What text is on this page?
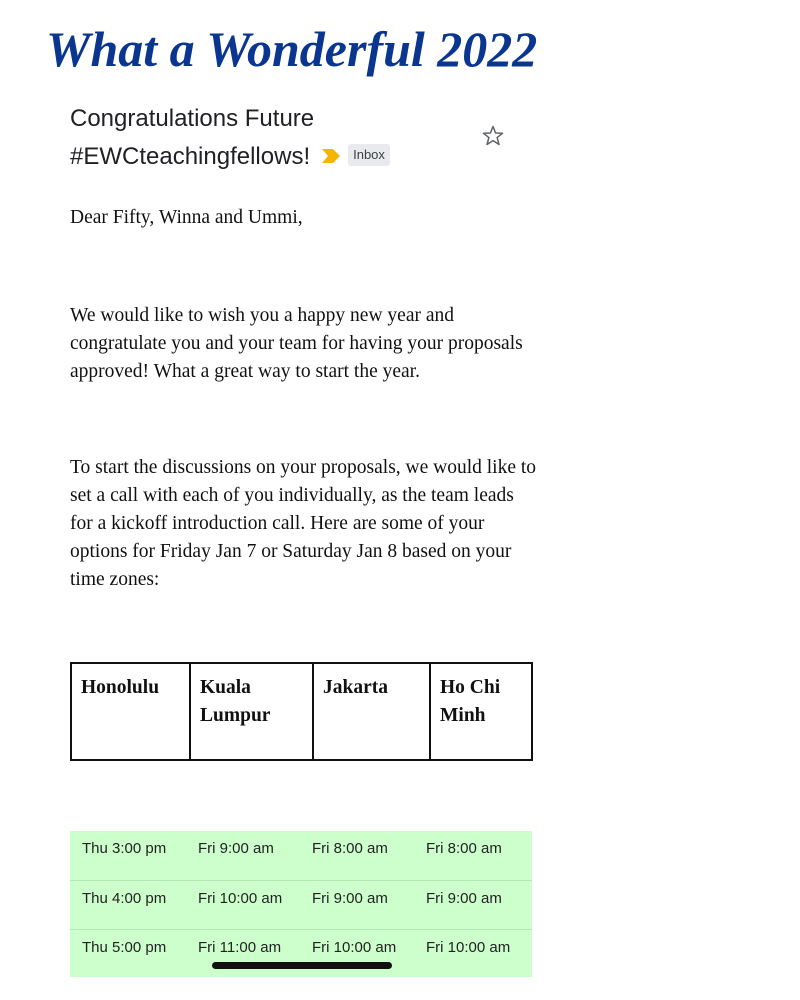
What a Wonderful 2022
Congratulations Future
#EWCteachingfellows!	Inbox

Dear Fifty, Winna and Ummi,

We would like to wish you a happy new year and congratulate you and your team for having your proposals approved! What a great way to start the year.

To start the discussions on your proposals, we would like to set a call with each of you individually, as the team leads for a kickoff introduction call. Here are some of your options for Friday Jan 7 or Saturday Jan 8 based on your time zones:

Honolulu	Kuala Lumpur	Jakarta	Ho Chi Minh
Thu 3:00 pm	Fri 9:00 am	Fri 8:00 am	Fri 8:00 am
Thu 4:00 pm	Fri 10:00 am	Fri 9:00 am	Fri 9:00 am
Thu 5:00 pm	Fri 11:00 am	Fri 10:00 am	Fri 10:00 am
